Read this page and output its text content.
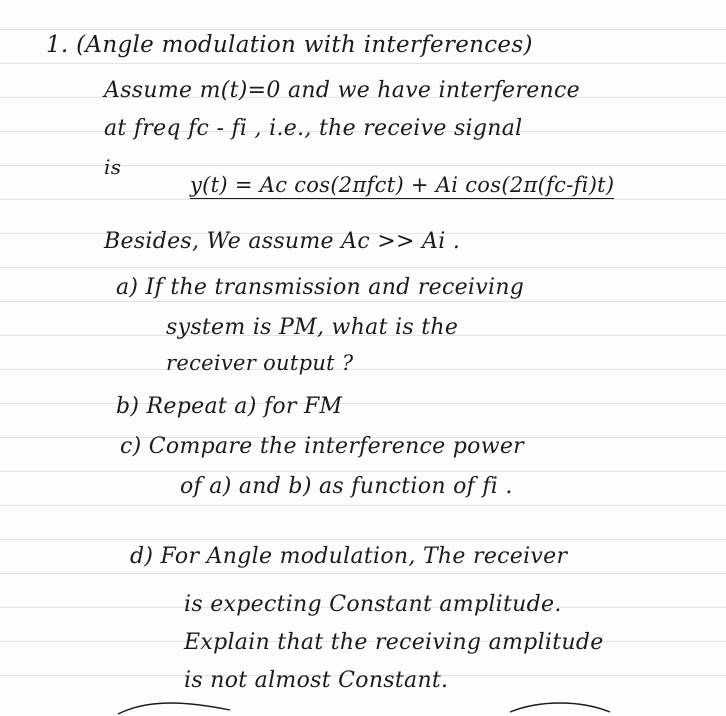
1. (Angle modulation with interferences)
Assume m(t)=0 and we have interference
at freq fc - fi , i.e., the receive signal
is
y(t) = Ac cos(2πfct) + Ai cos(2π(fc-fi)t)
Besides, We assume Ac >> Ai .
a) If the transmission and receiving
system is PM, what is the
receiver output ?
b) Repeat a) for FM
c) Compare the interference power
of a) and b) as function of fi .
d) For Angle modulation, The receiver
is expecting Constant amplitude.
Explain that the receiving amplitude
is not almost Constant.
